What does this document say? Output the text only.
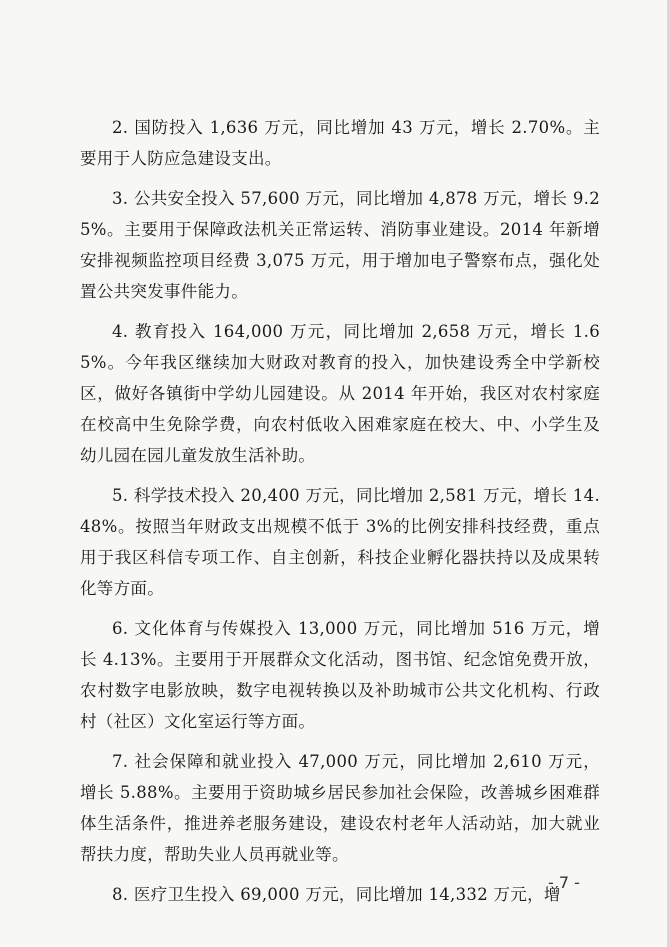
2. 国防投入 1,636 万元，同比增加 43 万元，增长 2.70%。主要用于人防应急建设支出。

3. 公共安全投入 57,600 万元，同比增加 4,878 万元，增长 9.25%。主要用于保障政法机关正常运转、消防事业建设。2014 年新增安排视频监控项目经费 3,075 万元，用于增加电子警察布点，强化处置公共突发事件能力。

4. 教育投入 164,000 万元，同比增加 2,658 万元，增长 1.65%。今年我区继续加大财政对教育的投入，加快建设秀全中学新校区，做好各镇街中学幼儿园建设。从 2014 年开始，我区对农村家庭在校高中生免除学费，向农村低收入困难家庭在校大、中、小学生及幼儿园在园儿童发放生活补助。

5. 科学技术投入 20,400 万元，同比增加 2,581 万元，增长 14.48%。按照当年财政支出规模不低于 3%的比例安排科技经费，重点用于我区科信专项工作、自主创新，科技企业孵化器扶持以及成果转化等方面。

6. 文化体育与传媒投入 13,000 万元，同比增加 516 万元，增长 4.13%。主要用于开展群众文化活动，图书馆、纪念馆免费开放，农村数字电影放映，数字电视转换以及补助城市公共文化机构、行政村（社区）文化室运行等方面。

7. 社会保障和就业投入 47,000 万元，同比增加 2,610 万元，增长 5.88%。主要用于资助城乡居民参加社会保险，改善城乡困难群体生活条件，推进养老服务建设，建设农村老年人活动站，加大就业帮扶力度，帮助失业人员再就业等。

8. 医疗卫生投入 69,000 万元，同比增加 14,332 万元，增

- 7 -
